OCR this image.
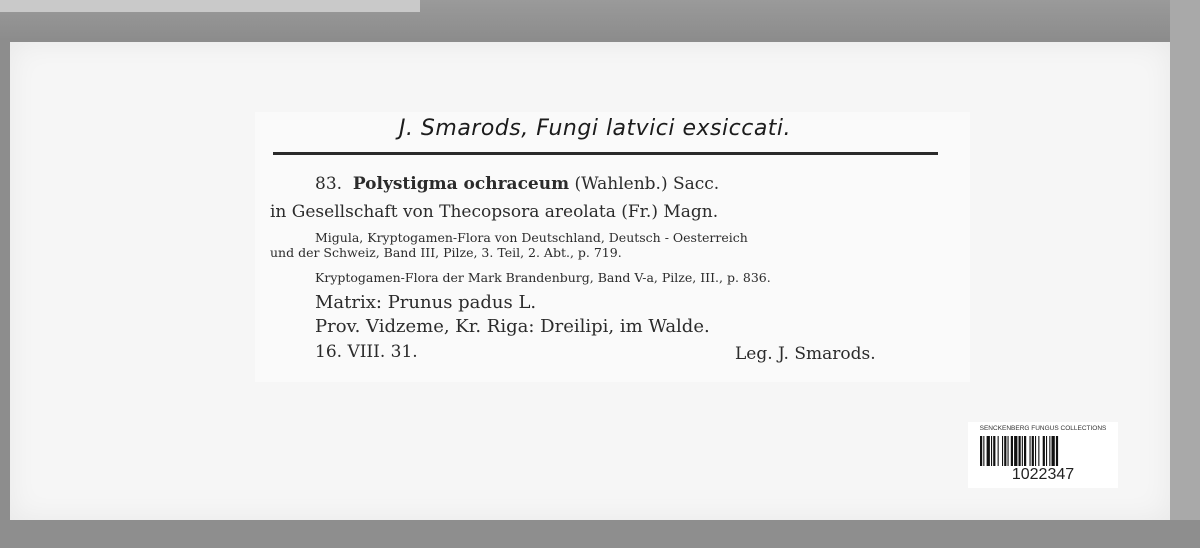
J. Smarods, Fungi latvici exsiccati.
83. Polystigma ochraceum (Wahlenb.) Sacc.
in Gesellschaft von Thecopsora areolata (Fr.) Magn.
Migula, Kryptogamen-Flora von Deutschland, Deutsch - Oesterreich
und der Schweiz, Band III, Pilze, 3. Teil, 2. Abt., p. 719.
Kryptogamen-Flora der Mark Brandenburg, Band V-a, Pilze, III., p. 836.
Matrix: Prunus padus L.
Prov. Vidzeme, Kr. Riga: Dreilipi, im Walde.
16. VIII. 31.	Leg. J. Smarods.
SENCKENBERG FUNGUS COLLECTIONS
1022347
